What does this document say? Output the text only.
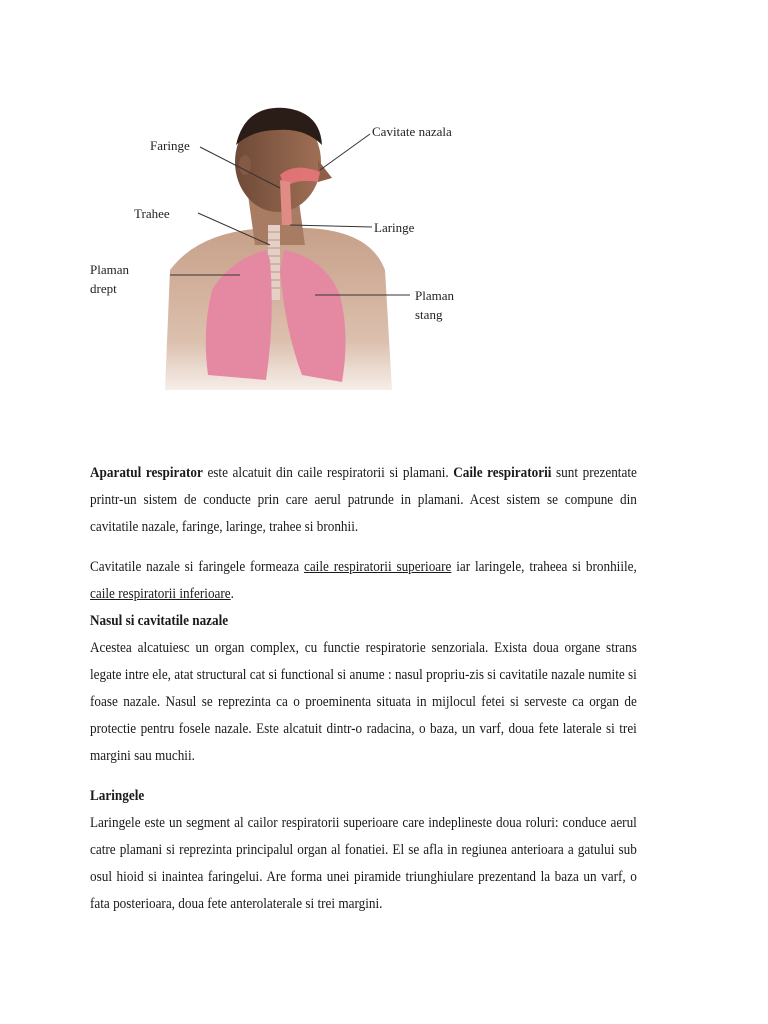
Faringe
Cavitate nazala
Trahee
Laringe
Plaman
drept	Plaman
stang

Aparatul respirator este alcatuit din caile respiratorii si plamani. Caile respiratorii sunt prezentate printr-un sistem de conducte prin care aerul patrunde in plamani. Acest sistem se compune din cavitatile nazale, faringe, laringe, trahee si bronhii.

Cavitatile nazale si faringele formeaza caile respiratorii superioare iar laringele, traheea si bronhiile, caile respiratorii inferioare.

Nasul si cavitatile nazale

Acestea alcatuiesc un organ complex, cu functie respiratorie senzoriala. Exista doua organe strans legate intre ele, atat structural cat si functional si anume : nasul propriu-zis si cavitatile nazale numite si foase nazale. Nasul se reprezinta ca o proeminenta situata in mijlocul fetei si serveste ca organ de protectie pentru fosele nazale. Este alcatuit dintr-o radacina, o baza, un varf, doua fete laterale si trei margini sau muchii.

Laringele

Laringele este un segment al cailor respiratorii superioare care indeplineste doua roluri: conduce aerul catre plamani si reprezinta principalul organ al fonatiei. El se afla in regiunea anterioara a gatului sub osul hioid si inaintea faringelui. Are forma unei piramide triunghiulare prezentand la baza un varf, o fata posterioara, doua fete anterolaterale si trei margini.
